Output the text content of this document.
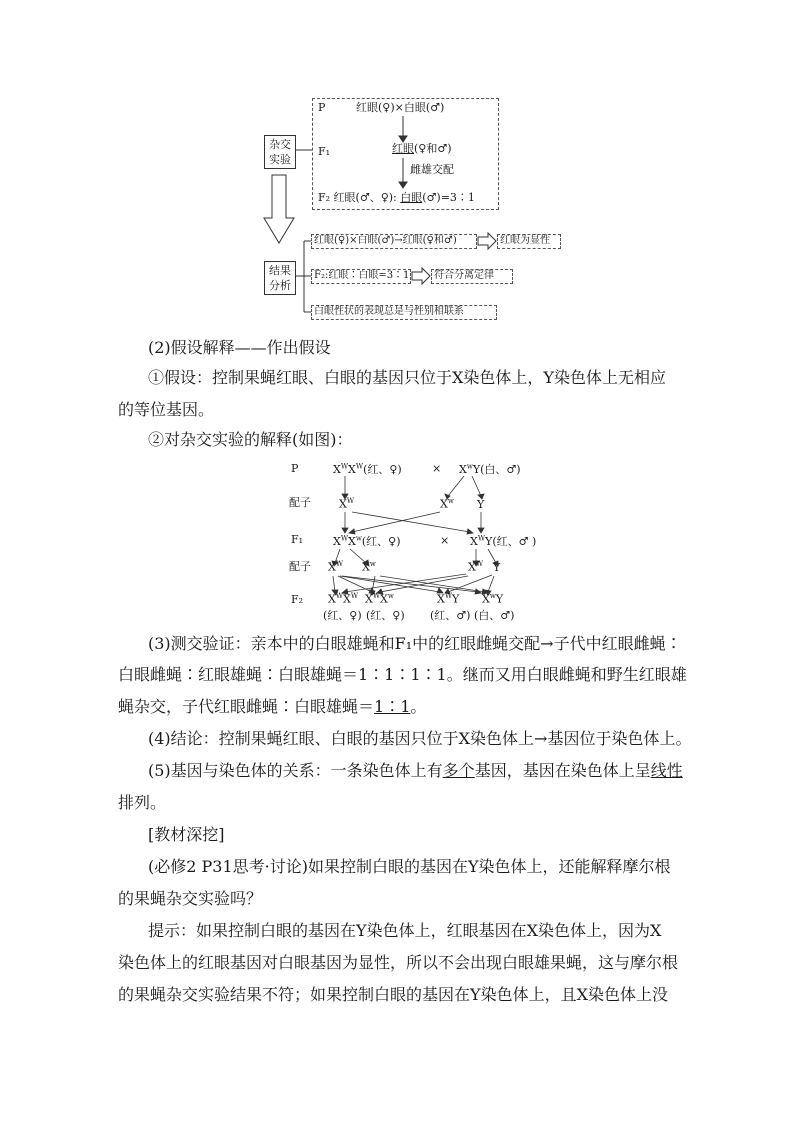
P	红眼(♀)×白眼(♂)
F₁	红眼(♀和♂)
雌雄交配
F₂ 红眼(♂、♀): 白眼(♂)=3∶1
杂交
实验
结果
分析
红眼(♀)×白眼(♂)→红眼(♀和♂)	红眼为显性
F₂:红眼∶白眼=3∶1	符合分离定律
白眼性状的表现总是与性别相联系
(2)假设解释——作出假设
①假设：控制果蝇红眼、白眼的基因只位于X染色体上，Y染色体上无相应的等位基因。
②对杂交实验的解释(如图)：
P
配子
F₁
配子
F₂
$X^WX^W$(红、♀)	× $X^wY$(白、♂)
$X^W$	$X^w$ Y
$X^WX^w$(红、♀)	× $X^WY$(红、♂ )
$X^W$ $X^w$	$X^W$ Y
$X^WX^W$ $X^WX^w$	$X^WY$ $X^wY$
(红、♀) (红、♀) (红、♂) (白、♂)
(3)测交验证：亲本中的白眼雄蝇和F₁中的红眼雌蝇交配→子代中红眼雌蝇∶
白眼雌蝇∶红眼雄蝇∶白眼雄蝇＝1∶1∶1∶1。继而又用白眼雌蝇和野生红眼雄
蝇杂交，子代红眼雌蝇∶白眼雄蝇＝1∶1。
(4)结论：控制果蝇红眼、白眼的基因只位于X染色体上→基因位于染色体上。
(5)基因与染色体的关系：一条染色体上有多个基因，基因在染色体上呈线性
排列。
[教材深挖]
(必修2 P31思考·讨论)如果控制白眼的基因在Y染色体上，还能解释摩尔根
的果蝇杂交实验吗？
提示：如果控制白眼的基因在Y染色体上，红眼基因在X染色体上，因为X
染色体上的红眼基因对白眼基因为显性，所以不会出现白眼雄果蝇，这与摩尔根
的果蝇杂交实验结果不符；如果控制白眼的基因在Y染色体上，且X染色体上没
